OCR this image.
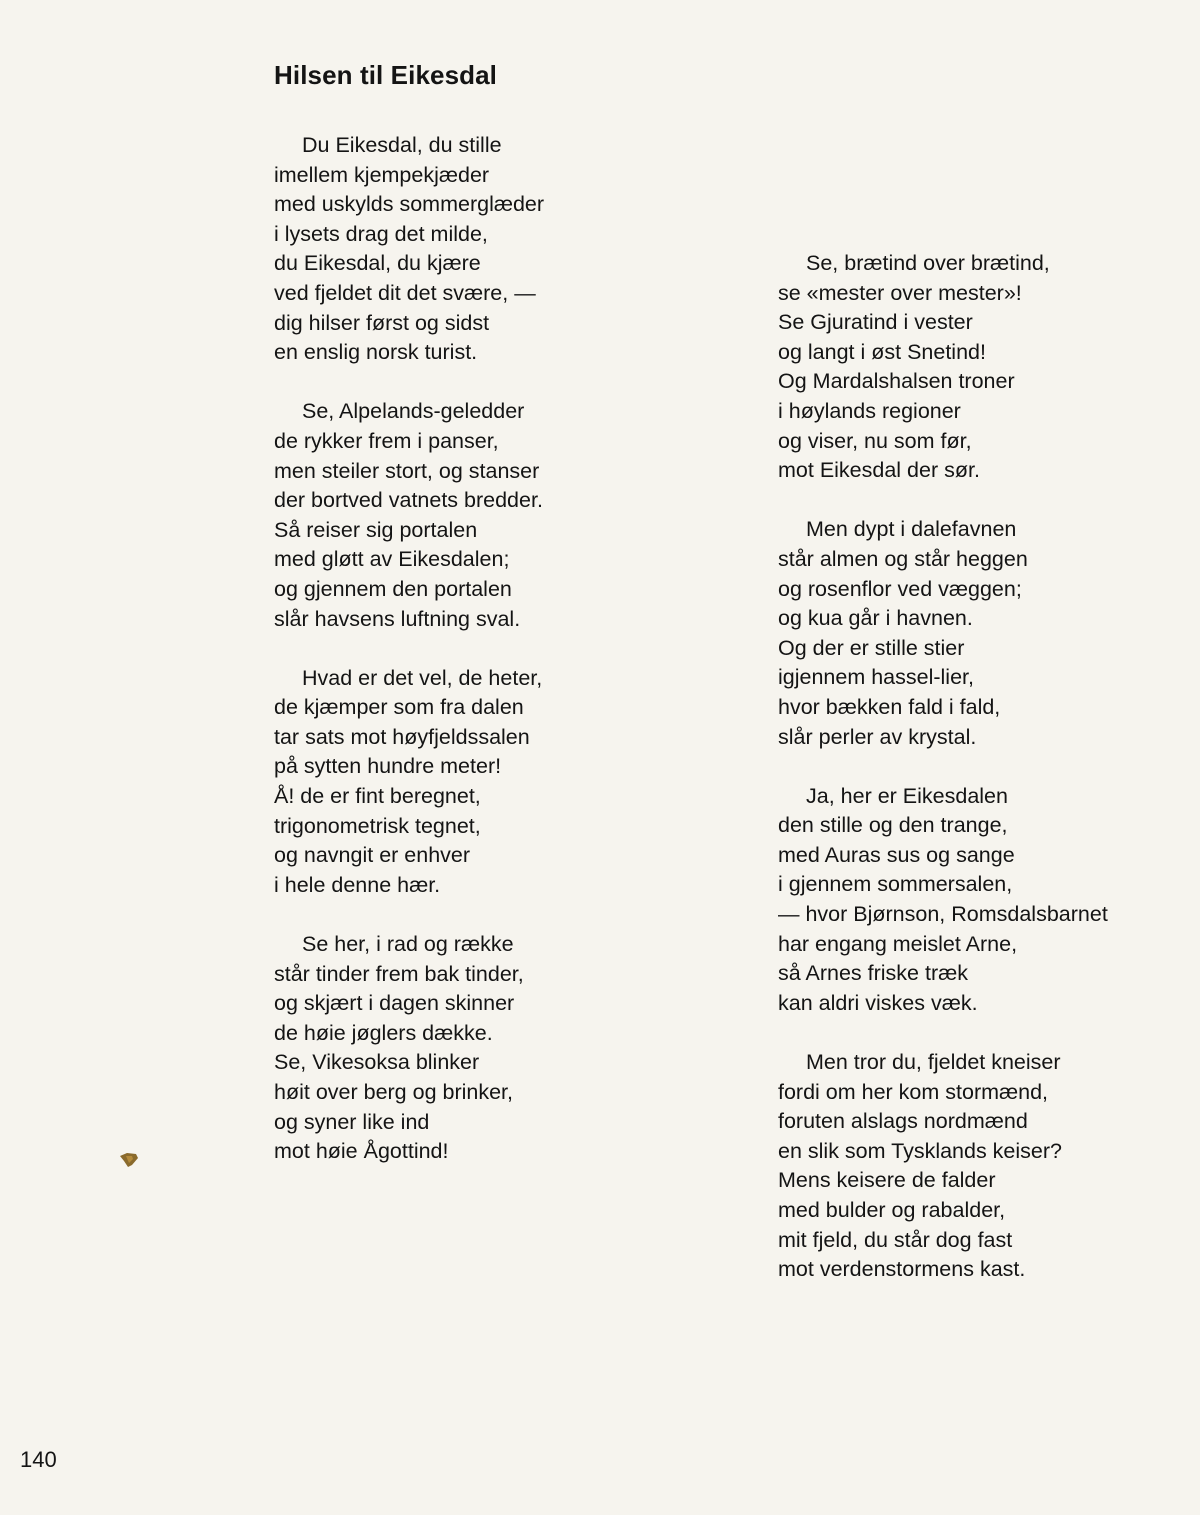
Hilsen til Eikesdal
Du Eikesdal, du stille
imellem kjempekjæder
med uskylds sommerglæder
i lysets drag det milde,
du Eikesdal, du kjære
ved fjeldet dit det svære, —
dig hilser først og sidst
en enslig norsk turist.
Se, Alpelands-geledder
de rykker frem i panser,
men steiler stort, og stanser
der bortved vatnets bredder.
Så reiser sig portalen
med gløtt av Eikesdalen;
og gjennem den portalen
slår havsens luftning sval.
Hvad er det vel, de heter,
de kjæmper som fra dalen
tar sats mot høyfjeldssalen
på sytten hundre meter!
Å! de er fint beregnet,
trigonometrisk tegnet,
og navngit er enhver
i hele denne hær.
Se her, i rad og række
står tinder frem bak tinder,
og skjært i dagen skinner
de høie jøglers dække.
Se, Vikesoksa blinker
høit over berg og brinker,
og syner like ind
mot høie Ågottind!
Se, brætind over brætind,
se «mester over mester»!
Se Gjuratind i vester
og langt i øst Snetind!
Og Mardalshalsen troner
i høylands regioner
og viser, nu som før,
mot Eikesdal der sør.
Men dypt i dalefavnen
står almen og står heggen
og rosenflor ved væggen;
og kua går i havnen.
Og der er stille stier
igjennem hassel-lier,
hvor bækken fald i fald,
slår perler av krystal.
Ja, her er Eikesdalen
den stille og den trange,
med Auras sus og sange
i gjennem sommersalen,
— hvor Bjørnson, Romsdalsbarnet
har engang meislet Arne,
så Arnes friske træk
kan aldri viskes væk.
Men tror du, fjeldet kneiser
fordi om her kom stormænd,
foruten alslags nordmænd
en slik som Tysklands keiser?
Mens keisere de falder
med bulder og rabalder,
mit fjeld, du står dog fast
mot verdenstormens kast.
140
